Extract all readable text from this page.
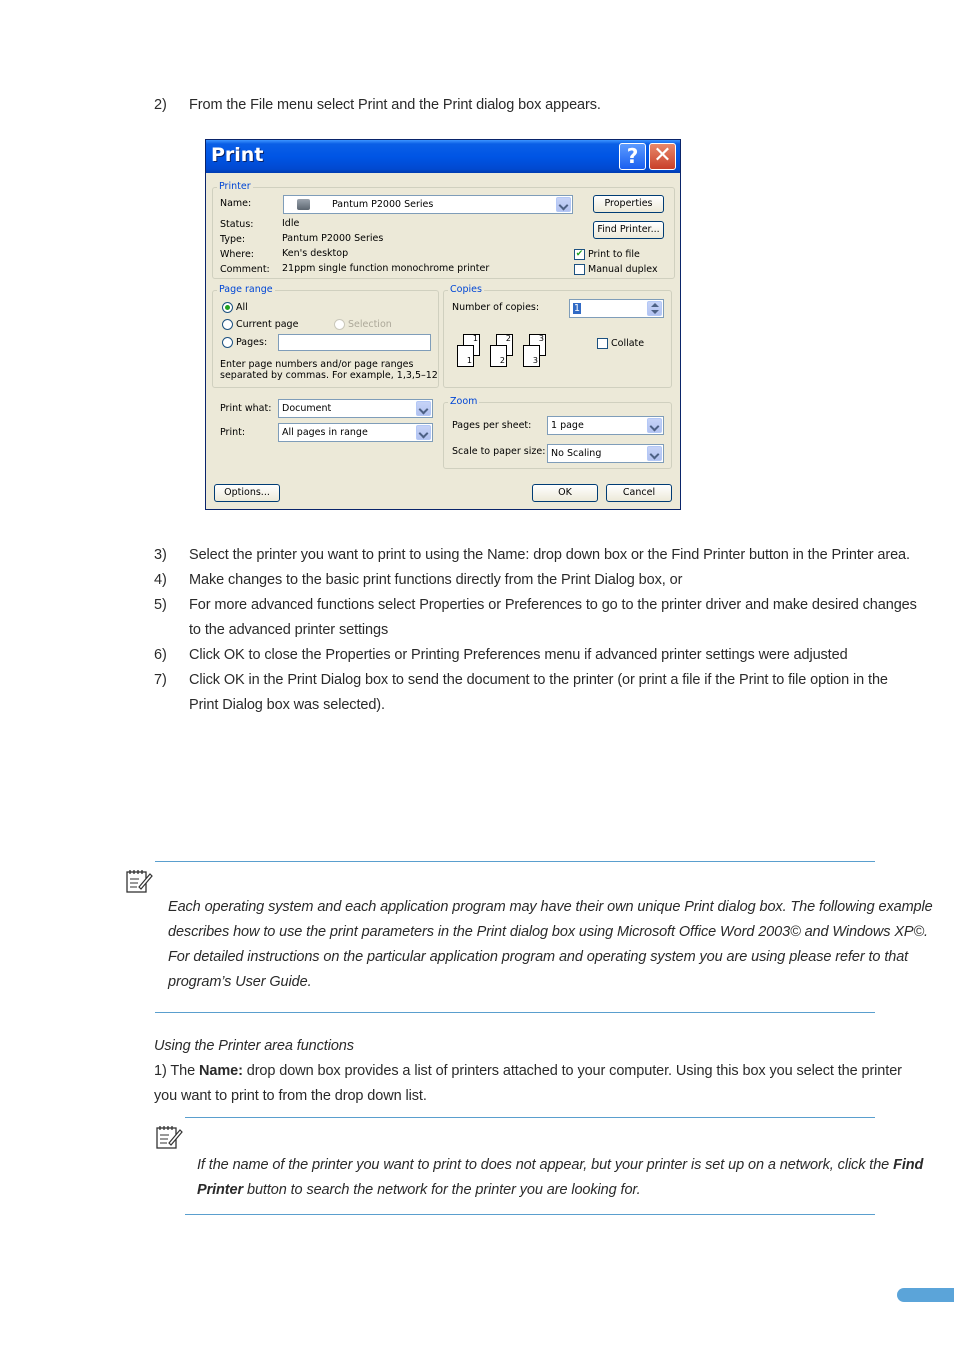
2)	From the File menu select Print and the Print dialog box appears.
Print	? ✕
Printer
Name:	Pantum P2000 Series	Properties
Find Printer...
Status:	Idle
Type:	Pantum P2000 Series
Where:	Ken's desktop
Comment: 21ppm single function monochrome printer
✔ Print to file
Manual duplex
Page range
All
Current page	Selection
Pages:
Enter page numbers and/or page ranges
separated by commas. For example, 1,3,5–12
Copies
Number of copies:	1
1
1
2
2
3
3
Collate
Print what:	Document
Print:	All pages in range
Zoom
Pages per sheet:	1 page
Scale to paper size: No Scaling
Options...	OK	Cancel
3)	Select the printer you want to print to using the Name: drop down box or the Find Printer button in the Printer area.
4)	Make changes to the basic print functions directly from the Print Dialog box, or
5)	For more advanced functions select Properties or Preferences to go to the printer driver and make desired changes
to the advanced printer settings
6)	Click OK to close the Properties or Printing Preferences menu if advanced printer settings were adjusted
7)	Click OK in the Print Dialog box to send the document to the printer (or print a file if the Print to file option in the
Print Dialog box was selected).
Each operating system and each application program may have their own unique Print dialog box. The following example
describes how to use the print parameters in the Print dialog box using Microsoft Office Word 2003© and Windows XP©.
For detailed instructions on the particular application program and operating system you are using please refer to that
program’s User Guide.
Using the Printer area functions
1) The Name: drop down box provides a list of printers attached to your computer. Using this box you select the printer
you want to print to from the drop down list.
If the name of the printer you want to print to does not appear, but your printer is set up on a network, click the Find
Printer button to search the network for the printer you are looking for.
